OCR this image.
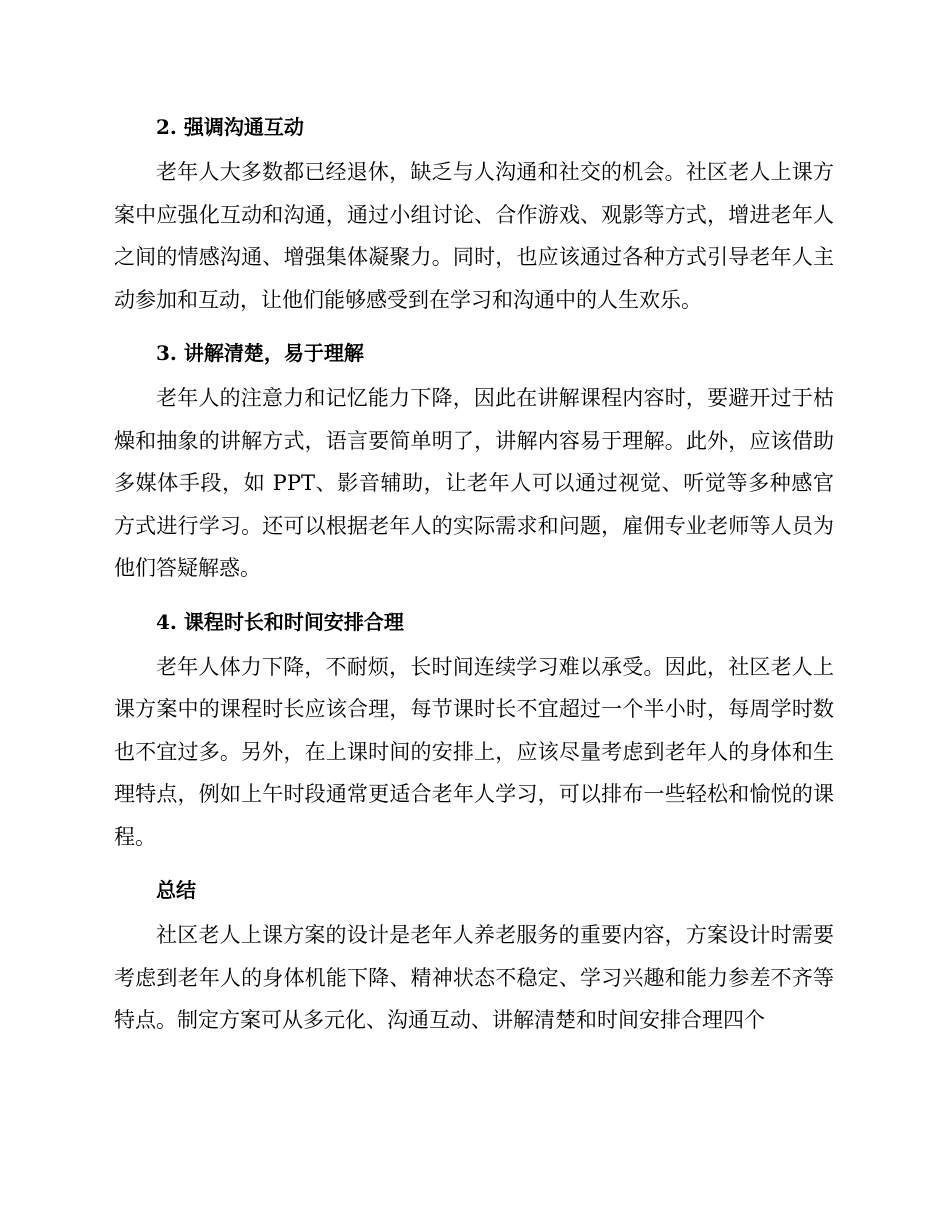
2. 强调沟通互动

老年人大多数都已经退休，缺乏与人沟通和社交的机会。社区老人上课方案中应强化互动和沟通，通过小组讨论、合作游戏、观影等方式，增进老年人之间的情感沟通、增强集体凝聚力。同时，也应该通过各种方式引导老年人主动参加和互动，让他们能够感受到在学习和沟通中的人生欢乐。

3. 讲解清楚，易于理解

老年人的注意力和记忆能力下降，因此在讲解课程内容时，要避开过于枯燥和抽象的讲解方式，语言要简单明了，讲解内容易于理解。此外，应该借助多媒体手段，如 PPT、影音辅助，让老年人可以通过视觉、听觉等多种感官方式进行学习。还可以根据老年人的实际需求和问题，雇佣专业老师等人员为他们答疑解惑。

4. 课程时长和时间安排合理

老年人体力下降，不耐烦，长时间连续学习难以承受。因此，社区老人上课方案中的课程时长应该合理，每节课时长不宜超过一个半小时，每周学时数也不宜过多。另外，在上课时间的安排上，应该尽量考虑到老年人的身体和生理特点，例如上午时段通常更适合老年人学习，可以排布一些轻松和愉悦的课程。

总结

社区老人上课方案的设计是老年人养老服务的重要内容，方案设计时需要考虑到老年人的身体机能下降、精神状态不稳定、学习兴趣和能力参差不齐等特点。制定方案可从多元化、沟通互动、讲解清楚和时间安排合理四个
